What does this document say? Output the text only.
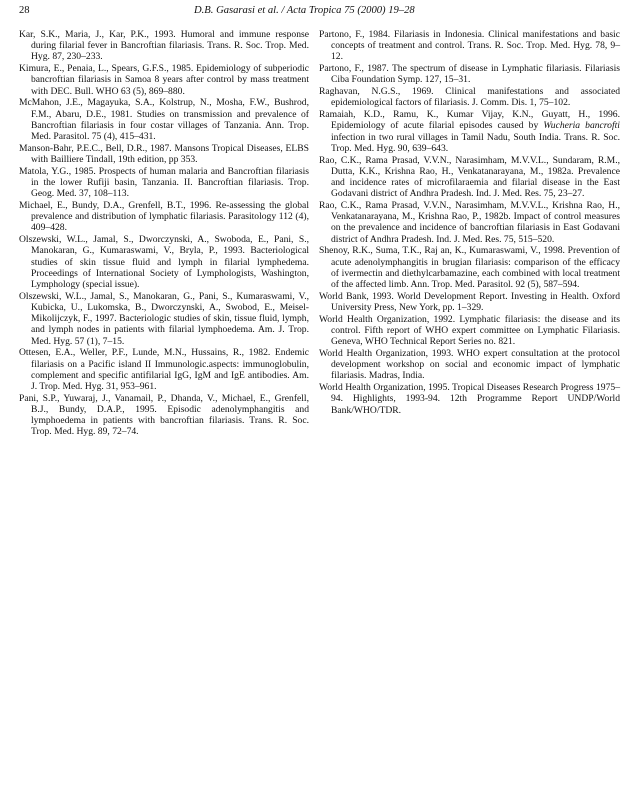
28	D.B. Gasarasi et al. / Acta Tropica 75 (2000) 19–28

Kar, S.K., Maria, J., Kar, P.K., 1993. Humoral and immune response during filarial fever in Bancroftian filariasis. Trans. R. Soc. Trop. Med. Hyg. 87, 230–233.

Kimura, E., Penaia, L., Spears, G.F.S., 1985. Epidemiology of subperiodic bancroftian filariasis in Samoa 8 years after control by mass treatment with DEC. Bull. WHO 63 (5), 869–880.

McMahon, J.E., Magayuka, S.A., Kolstrup, N., Mosha, F.W., Bushrod, F.M., Abaru, D.E., 1981. Studies on transmission and prevalence of Bancroftian filariasis in four costar villages of Tanzania. Ann. Trop. Med. Parasitol. 75 (4), 415–431.

Manson-Bahr, P.E.C., Bell, D.R., 1987. Mansons Tropical Diseases, ELBS with Bailliere Tindall, 19th edition, pp 353.

Matola, Y.G., 1985. Prospects of human malaria and Bancroftian filariasis in the lower Rufiji basin, Tanzania. II. Bancroftian filariasis. Trop. Geog. Med. 37, 108–113.

Michael, E., Bundy, D.A., Grenfell, B.T., 1996. Re-assessing the global prevalence and distribution of lymphatic filariasis. Parasitology 112 (4), 409–428.

Olszewski, W.L., Jamal, S., Dworczynski, A., Swoboda, E., Pani, S., Manokaran, G., Kumaraswami, V., Bryla, P., 1993. Bacteriological studies of skin tissue fluid and lymph in filarial lymphedema. Proceedings of International Society of Lymphologists, Washington, Lymphology (special issue).

Olszewski, W.L., Jamal, S., Manokaran, G., Pani, S., Kumaraswami, V., Kubicka, U., Lukomska, B., Dworczynski, A., Swobod, E., Meisel-Mikolijczyk, F., 1997. Bacteriologic studies of skin, tissue fluid, lymph, and lymph nodes in patients with filarial lymphoedema. Am. J. Trop. Med. Hyg. 57 (1), 7–15.

Ottesen, E.A., Weller, P.F., Lunde, M.N., Hussains, R., 1982. Endemic filariasis on a Pacific island II Immunologic.aspects: immunoglobulin, complement and specific antifilarial IgG, IgM and IgE antibodies. Am. J. Trop. Med. Hyg. 31, 953–961.

Pani, S.P., Yuwaraj, J., Vanamail, P., Dhanda, V., Michael, E., Grenfell, B.J., Bundy, D.A.P., 1995. Episodic adenolymphangitis and lymphoedema in patients with bancroftian filariasis. Trans. R. Soc. Trop. Med. Hyg. 89, 72–74.

Partono, F., 1984. Filariasis in Indonesia. Clinical manifestations and basic concepts of treatment and control. Trans. R. Soc. Trop. Med. Hyg. 78, 9–12.

Partono, F., 1987. The spectrum of disease in Lymphatic filariasis. Filariasis Ciba Foundation Symp. 127, 15–31.

Raghavan, N.G.S., 1969. Clinical manifestations and associated epidemiological factors of filariasis. J. Comm. Dis. 1, 75–102.

Ramaiah, K.D., Ramu, K., Kumar Vijay, K.N., Guyatt, H., 1996. Epidemiology of acute filarial episodes caused by Wucheria bancrofti infection in two rural villages in Tamil Nadu, South India. Trans. R. Soc. Trop. Med. Hyg. 90, 639–643.

Rao, C.K., Rama Prasad, V.V.N., Narasimham, M.V.V.L., Sundaram, R.M., Dutta, K.K., Krishna Rao, H., Venkatanarayana, M., 1982a. Prevalence and incidence rates of microfilaraemia and filarial disease in the East Godavani district of Andhra Pradesh. Ind. J. Med. Res. 75, 23–27.

Rao, C.K., Rama Prasad, V.V.N., Narasimham, M.V.V.L., Krishna Rao, H., Venkatanarayana, M., Krishna Rao, P., 1982b. Impact of control measures on the prevalence and incidence of bancroftian filariasis in East Godavani district of Andhra Pradesh. Ind. J. Med. Res. 75, 515–520.

Shenoy, R.K., Suma, T.K., Raj an, K., Kumaraswami, V., 1998. Prevention of acute adenolymphangitis in brugian filariasis: comparison of the efficacy of ivermectin and diethylcarbamazine, each combined with local treatment of the affected limb. Ann. Trop. Med. Parasitol. 92 (5), 587–594.

World Bank, 1993. World Development Report. Investing in Health. Oxford University Press, New York, pp. 1–329.

World Health Organization, 1992. Lymphatic filariasis: the disease and its control. Fifth report of WHO expert committee on Lymphatic Filariasis. Geneva, WHO Technical Report Series no. 821.

World Health Organization, 1993. WHO expert consultation at the protocol development workshop on social and economic impact of lymphatic filariasis. Madras, India.

World Health Organization, 1995. Tropical Diseases Research Progress 1975–94. Highlights, 1993-94. 12th Programme Report UNDP/World Bank/WHO/TDR.
